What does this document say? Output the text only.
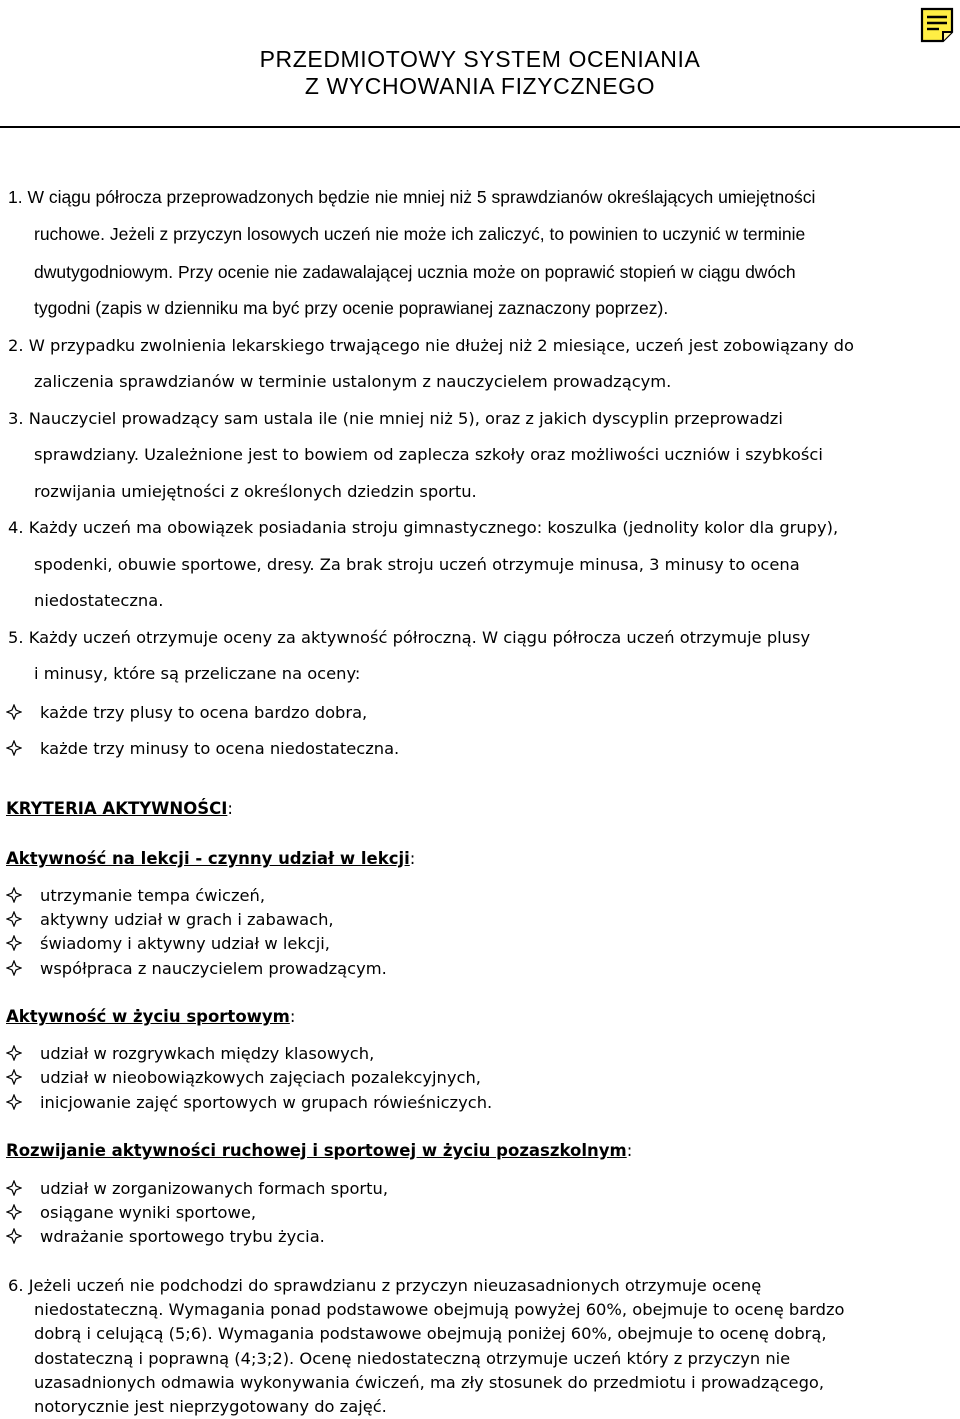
PRZEDMIOTOWY SYSTEM OCENIANIA
Z WYCHOWANIA FIZYCZNEGO
1. W ciągu półrocza przeprowadzonych będzie nie mniej niż 5 sprawdzianów określających umiejętności
ruchowe. Jeżeli z przyczyn losowych uczeń nie może ich zaliczyć, to powinien to uczynić w terminie
dwutygodniowym. Przy ocenie nie zadawalającej ucznia może on poprawić stopień w ciągu dwóch
tygodni (zapis w dzienniku ma być przy ocenie poprawianej zaznaczony poprzez).
2. W przypadku zwolnienia lekarskiego trwającego nie dłużej niż 2 miesiące, uczeń jest zobowiązany do
zaliczenia sprawdzianów w terminie ustalonym z nauczycielem prowadzącym.
3. Nauczyciel prowadzący sam ustala ile (nie mniej niż 5), oraz z jakich dyscyplin przeprowadzi
sprawdziany. Uzależnione jest to bowiem od zaplecza szkoły oraz możliwości uczniów i szybkości
rozwijania umiejętności z określonych dziedzin sportu.
4. Każdy uczeń ma obowiązek posiadania stroju gimnastycznego: koszulka (jednolity kolor dla grupy),
spodenki, obuwie sportowe, dresy. Za brak stroju uczeń otrzymuje minusa, 3 minusy to ocena
niedostateczna.
5. Każdy uczeń otrzymuje oceny za aktywność półroczną. W ciągu półrocza uczeń otrzymuje plusy
i minusy, które są przeliczane na oceny:
każde trzy plusy to ocena bardzo dobra,
każde trzy minusy to ocena niedostateczna.
KRYTERIA AKTYWNOŚCI:
Aktywność na lekcji - czynny udział w lekcji:
utrzymanie tempa ćwiczeń,
aktywny udział w grach i zabawach,
świadomy i aktywny udział w lekcji,
współpraca z nauczycielem prowadzącym.
Aktywność w życiu sportowym:
udział w rozgrywkach między klasowych,
udział w nieobowiązkowych zajęciach pozalekcyjnych,
inicjowanie zajęć sportowych w grupach rówieśniczych.
Rozwijanie aktywności ruchowej i sportowej w życiu pozaszkolnym:
udział w zorganizowanych formach sportu,
osiągane wyniki sportowe,
wdrażanie sportowego trybu życia.
6. Jeżeli uczeń nie podchodzi do sprawdzianu z przyczyn nieuzasadnionych otrzymuje ocenę
niedostateczną. Wymagania ponad podstawowe obejmują powyżej 60%, obejmuje to ocenę bardzo
dobrą i celującą (5;6). Wymagania podstawowe obejmują poniżej 60%, obejmuje to ocenę dobrą,
dostateczną i poprawną (4;3;2). Ocenę niedostateczną otrzymuje uczeń który z przyczyn nie
uzasadnionych odmawia wykonywania ćwiczeń, ma zły stosunek do przedmiotu i prowadzącego,
notorycznie jest nieprzygotowany do zajęć.
